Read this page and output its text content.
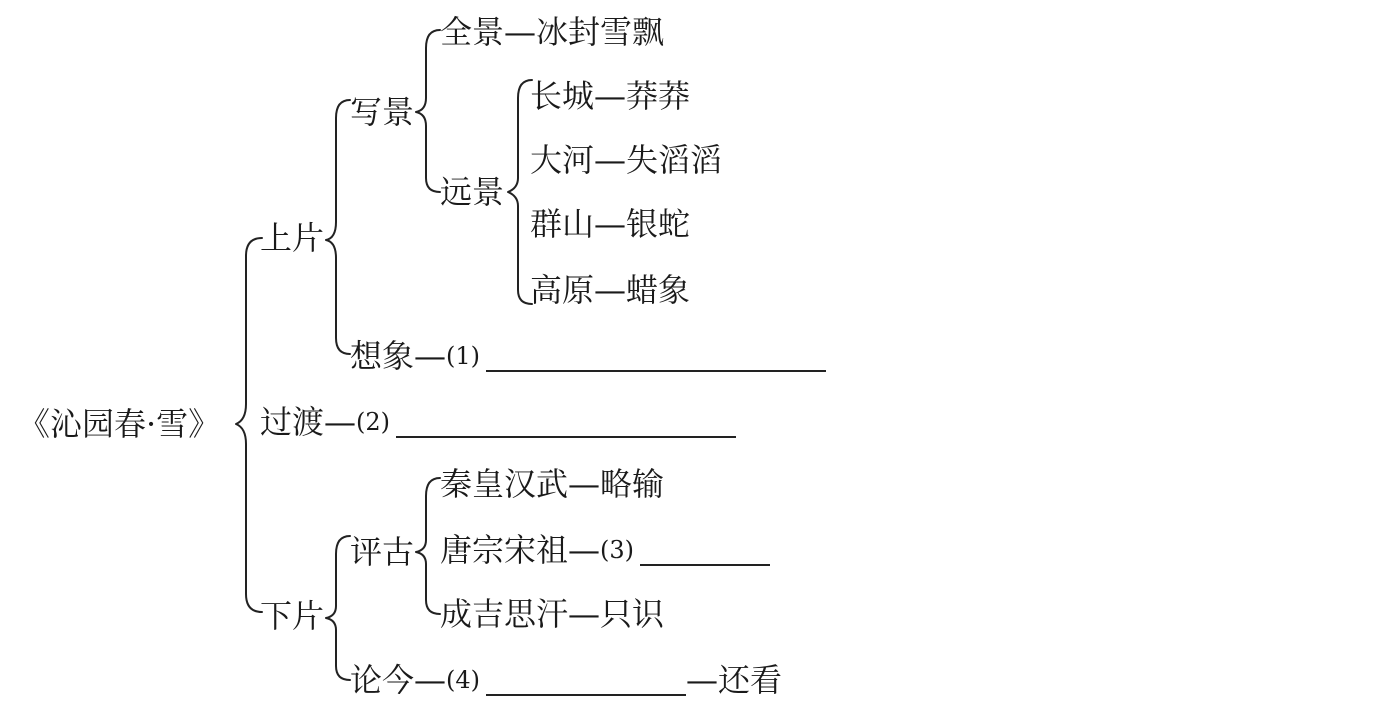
《沁园春·雪》
上片
过渡 — (2)
下片
写景
想象 — (1)
全景 — 冰封雪飘
远景
长城 — 莽莽
大河 — 失滔滔
群山 — 银蛇
高原 — 蜡象
评古
论今 — (4)	— 还看
秦皇汉武 — 略输
唐宗宋祖 — (3)
成吉思汗 — 只识
